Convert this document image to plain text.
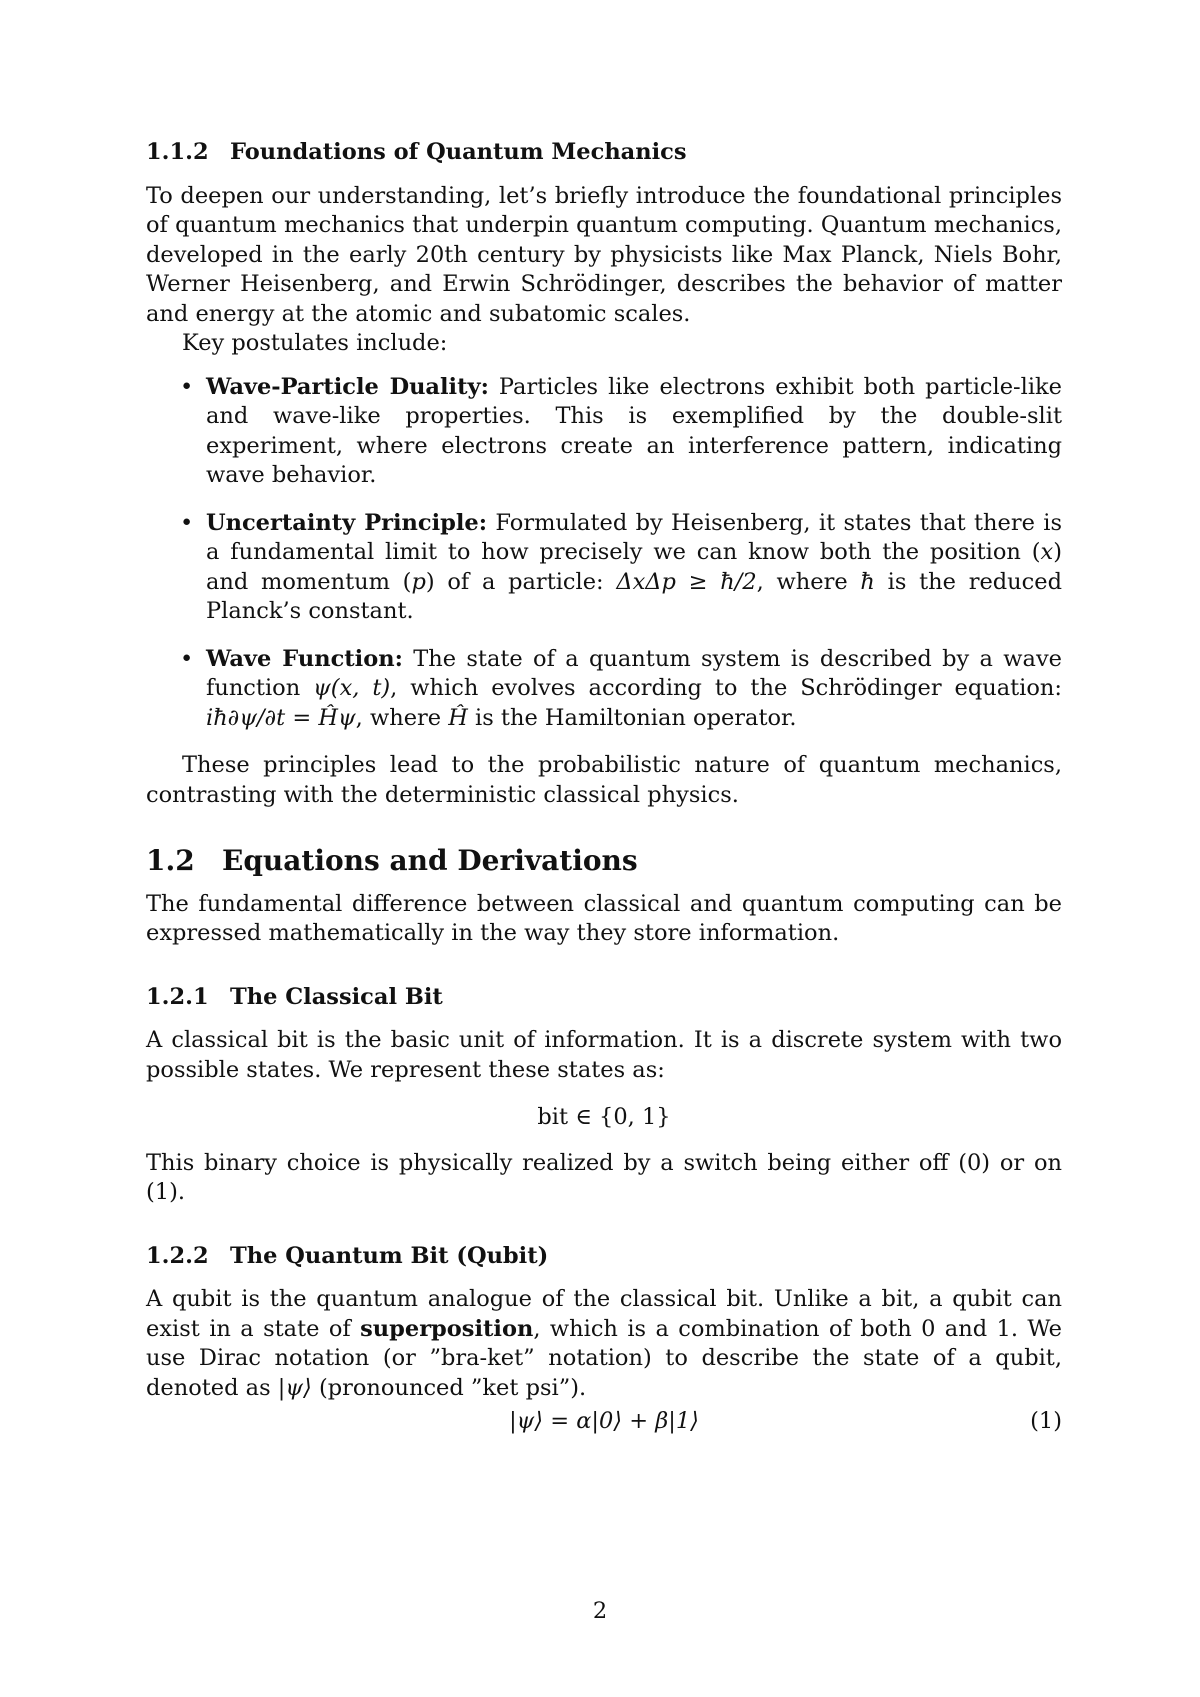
1.1.2 Foundations of Quantum Mechanics

To deepen our understanding, let’s briefly introduce the foundational principles of quantum mechanics that underpin quantum computing. Quantum mechanics, developed in the early 20th century by physicists like Max Planck, Niels Bohr, Werner Heisenberg, and Erwin Schrödinger, describes the behavior of matter and energy at the atomic and subatomic scales.

Key postulates include:

• Wave-Particle Duality: Particles like electrons exhibit both particle-like and wave-like properties. This is exemplified by the double-slit experiment, where electrons create an interference pattern, indicating wave behavior.
• Uncertainty Principle: Formulated by Heisenberg, it states that there is a fundamental limit to how precisely we can know both the position (x) and momentum (p) of a particle: ΔxΔp ≥ ħ/2, where ħ is the reduced Planck’s constant.
• Wave Function: The state of a quantum system is described by a wave function ψ(x, t), which evolves according to the Schrödinger equation: iħ∂ψ/∂t = Ĥψ, where Ĥ is the Hamiltonian operator.

These principles lead to the probabilistic nature of quantum mechanics, contrasting with the deterministic classical physics.

1.2 Equations and Derivations

The fundamental difference between classical and quantum computing can be expressed mathematically in the way they store information.

1.2.1 The Classical Bit

A classical bit is the basic unit of information. It is a discrete system with two possible states. We represent these states as:

bit ∈ {0, 1}

This binary choice is physically realized by a switch being either off (0) or on (1).

1.2.2 The Quantum Bit (Qubit)

A qubit is the quantum analogue of the classical bit. Unlike a bit, a qubit can exist in a state of superposition, which is a combination of both 0 and 1. We use Dirac notation (or ”bra-ket” notation) to describe the state of a qubit, denoted as |ψ⟩ (pronounced ”ket psi”).

|ψ⟩ = α|0⟩ + β|1⟩	(1)
2
